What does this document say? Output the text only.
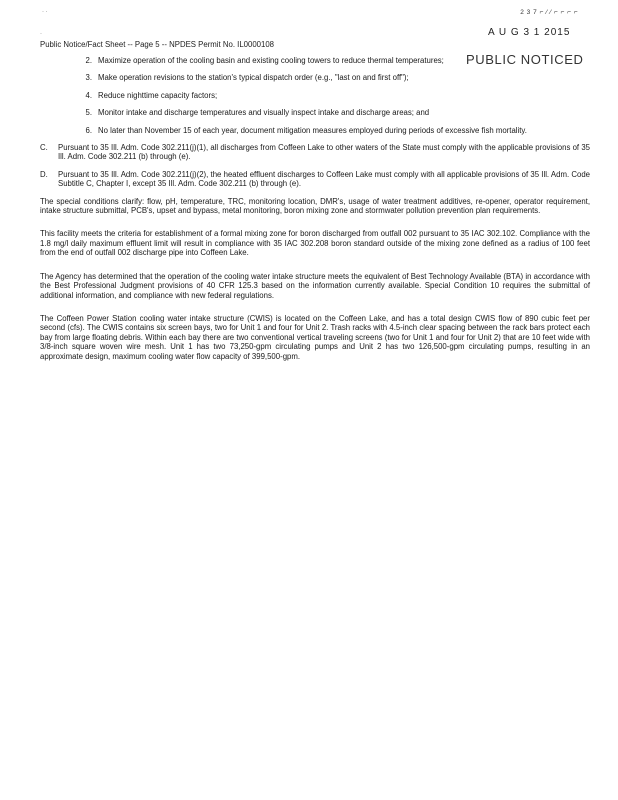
· ·	2 3 7 ⌐ ⁄ ⁄ ⌐ ⌐ ⌐ ⌐
·	A U G 3 1 2015
PUBLIC NOTICED
Public Notice/Fact Sheet -- Page 5 -- NPDES Permit No. IL0000108
2. Maximize operation of the cooling basin and existing cooling towers to reduce thermal temperatures;
3. Make operation revisions to the station's typical dispatch order (e.g., "last on and first off");
4. Reduce nighttime capacity factors;
5. Monitor intake and discharge temperatures and visually inspect intake and discharge areas; and
6. No later than November 15 of each year, document mitigation measures employed during periods of excessive fish mortality.
C. Pursuant to 35 Ill. Adm. Code 302.211(j)(1), all discharges from Coffeen Lake to other waters of the State must comply with the applicable provisions of 35 Ill. Adm. Code 302.211 (b) through (e).
D. Pursuant to 35 Ill. Adm. Code 302.211(j)(2), the heated effluent discharges to Coffeen Lake must comply with all applicable provisions of 35 Ill. Adm. Code Subtitle C, Chapter I, except 35 Ill. Adm. Code 302.211 (b) through (e).

The special conditions clarify: flow, pH, temperature, TRC, monitoring location, DMR's, usage of water treatment additives, re-opener, operator requirement, intake structure submittal, PCB's, upset and bypass, metal monitoring, boron mixing zone and stormwater pollution prevention plan requirements.

This facility meets the criteria for establishment of a formal mixing zone for boron discharged from outfall 002 pursuant to 35 IAC 302.102. Compliance with the 1.8 mg/l daily maximum effluent limit will result in compliance with 35 IAC 302.208 boron standard outside of the mixing zone defined as a radius of 100 feet from the end of outfall 002 discharge pipe into Coffeen Lake.

The Agency has determined that the operation of the cooling water intake structure meets the equivalent of Best Technology Available (BTA) in accordance with the Best Professional Judgment provisions of 40 CFR 125.3 based on the information currently available. Special Condition 10 requires the submittal of additional information, and compliance with new federal regulations.

The Coffeen Power Station cooling water intake structure (CWIS) is located on the Coffeen Lake, and has a total design CWIS flow of 890 cubic feet per second (cfs). The CWIS contains six screen bays, two for Unit 1 and four for Unit 2. Trash racks with 4.5-inch clear spacing between the rack bars protect each bay from large floating debris. Within each bay there are two conventional vertical traveling screens (two for Unit 1 and four for Unit 2) that are 10 feet wide with 3/8-inch square woven wire mesh. Unit 1 has two 73,250-gpm circulating pumps and Unit 2 has two 126,500-gpm circulating pumps, resulting in an approximate design, maximum cooling water flow capacity of 399,500-gpm.
